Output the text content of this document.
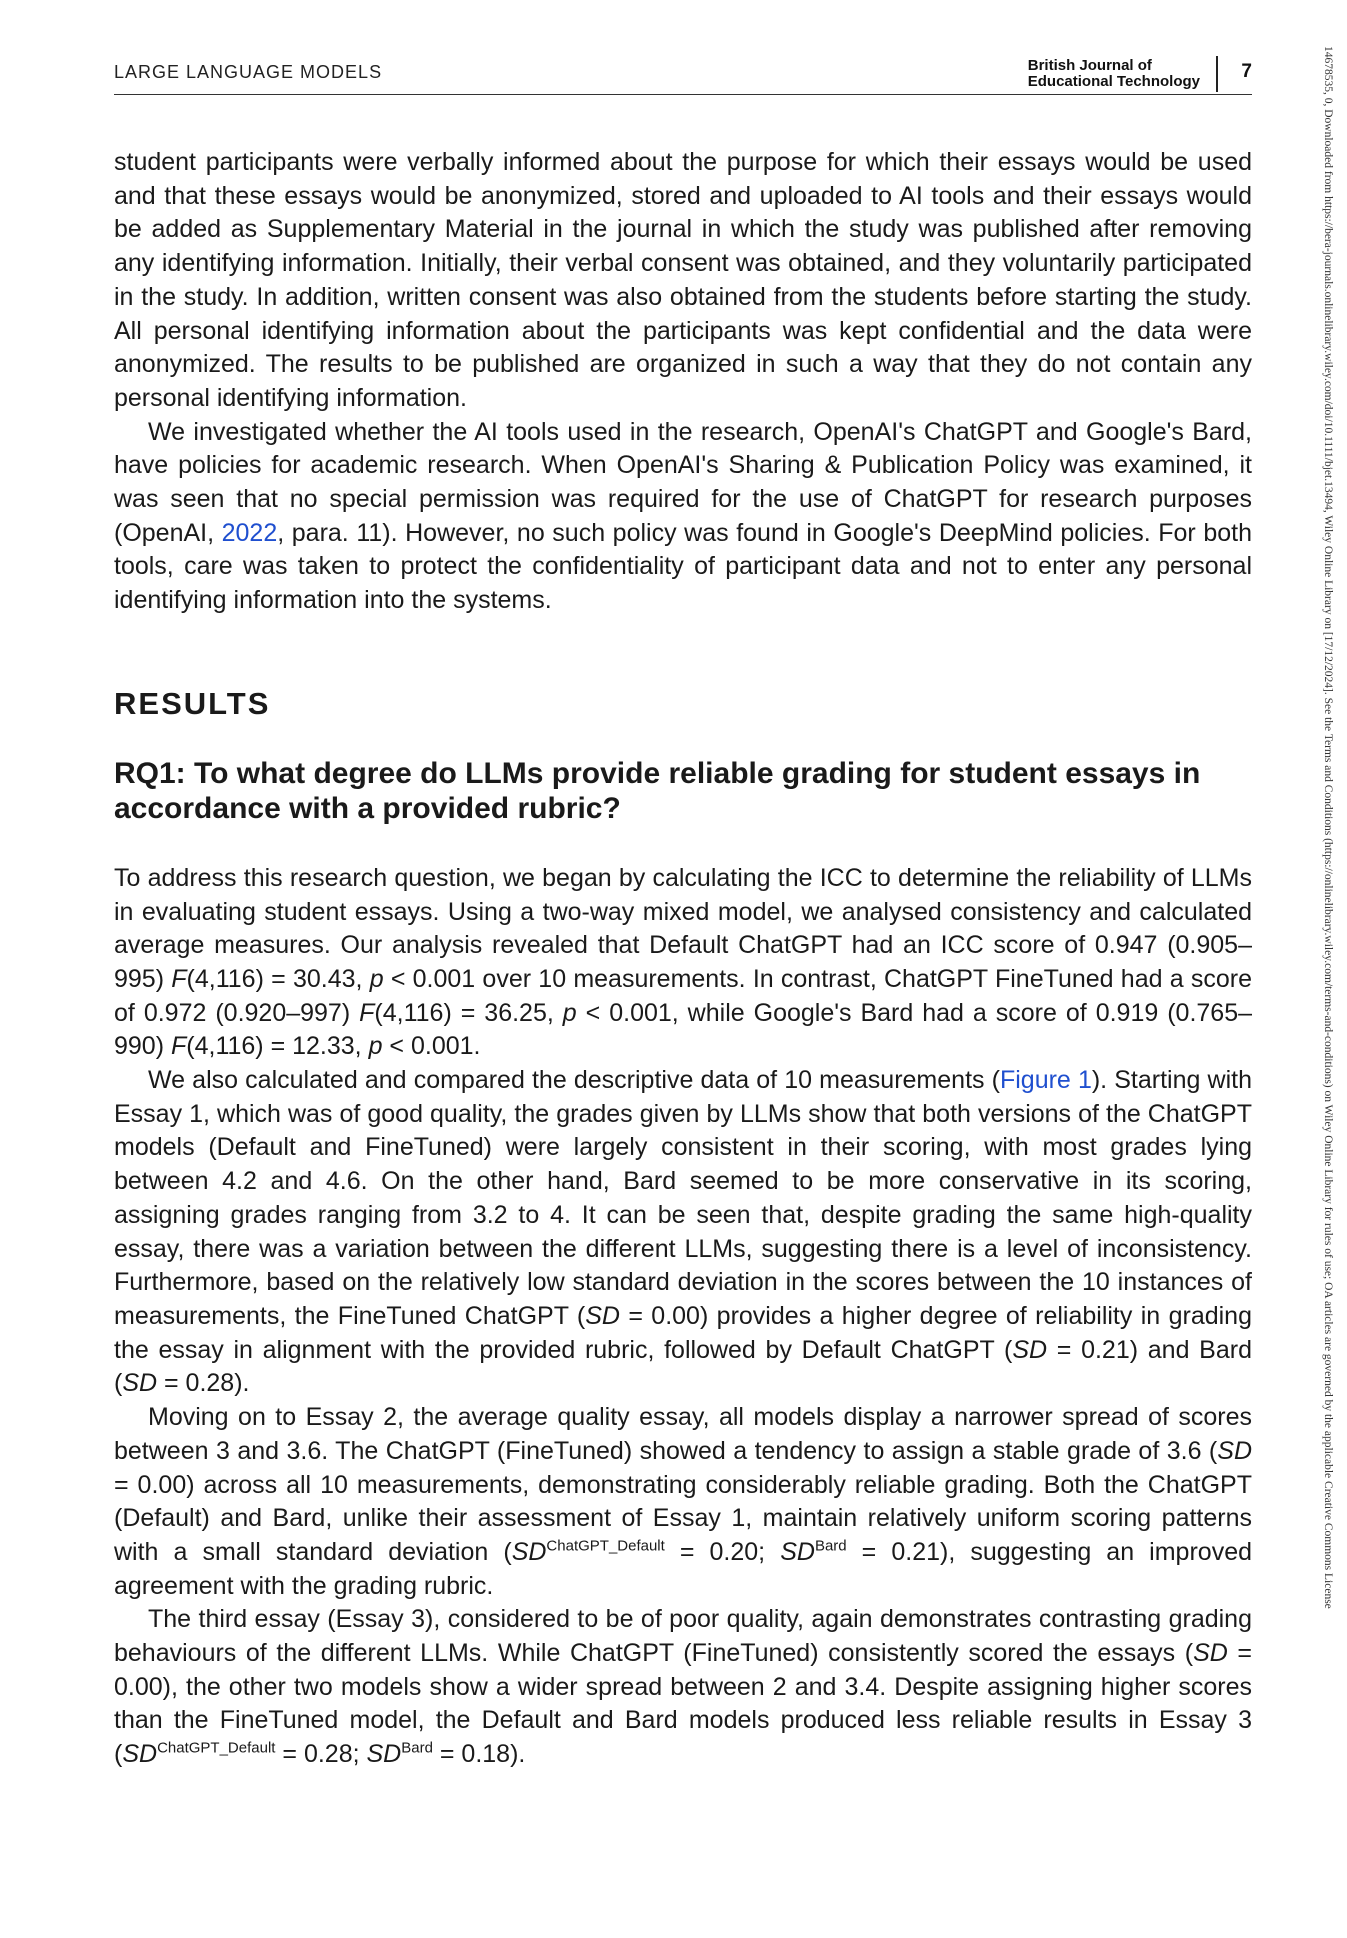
LARGE LANGUAGE MODELS	British Journal of
Educational Technology 7	14678535, 0, Downloaded from https://bera-journals.onlinelibrary.wiley.com/doi/10.1111/bjet.13494, Wiley Online Library on [17/12/2024]. See the Terms and Conditions (https://onlinelibrary.wiley.com/terms-and-conditions) on Wiley Online Library for rules of use; OA articles are governed by the applicable Creative Commons License

student participants were verbally informed about the purpose for which their essays would be used and that these essays would be anonymized, stored and uploaded to AI tools and their essays would be added as Supplementary Material in the journal in which the study was published after removing any identifying information. Initially, their verbal consent was obtained, and they voluntarily participated in the study. In addition, written consent was also obtained from the students before starting the study. All personal identifying information about the participants was kept confidential and the data were anonymized. The results to be published are organized in such a way that they do not contain any personal identifying information.

We investigated whether the AI tools used in the research, OpenAI's ChatGPT and Google's Bard, have policies for academic research. When OpenAI's Sharing & Publication Policy was examined, it was seen that no special permission was required for the use of ChatGPT for research purposes (OpenAI, 2022, para. 11). However, no such policy was found in Google's DeepMind policies. For both tools, care was taken to protect the confidentiality of participant data and not to enter any personal identifying information into the systems.

RESULTS
RQ1: To what degree do LLMs provide reliable grading for student essays in accordance with a provided rubric?

To address this research question, we began by calculating the ICC to determine the reliability of LLMs in evaluating student essays. Using a two-way mixed model, we analysed consistency and calculated average measures. Our analysis revealed that Default ChatGPT had an ICC score of 0.947 (0.905–995) F(4,116) = 30.43, p < 0.001 over 10 measurements. In contrast, ChatGPT FineTuned had a score of 0.972 (0.920–997) F(4,116) = 36.25, p < 0.001, while Google's Bard had a score of 0.919 (0.765–990) F(4,116) = 12.33, p < 0.001.

We also calculated and compared the descriptive data of 10 measurements (Figure 1). Starting with Essay 1, which was of good quality, the grades given by LLMs show that both versions of the ChatGPT models (Default and FineTuned) were largely consistent in their scoring, with most grades lying between 4.2 and 4.6. On the other hand, Bard seemed to be more conservative in its scoring, assigning grades ranging from 3.2 to 4. It can be seen that, despite grading the same high-quality essay, there was a variation between the different LLMs, suggesting there is a level of inconsistency. Furthermore, based on the relatively low standard deviation in the scores between the 10 instances of measurements, the FineTuned ChatGPT (SD = 0.00) provides a higher degree of reliability in grading the essay in alignment with the provided rubric, followed by Default ChatGPT (SD = 0.21) and Bard (SD = 0.28).

Moving on to Essay 2, the average quality essay, all models display a narrower spread of scores between 3 and 3.6. The ChatGPT (FineTuned) showed a tendency to assign a stable grade of 3.6 (SD = 0.00) across all 10 measurements, demonstrating considerably reliable grading. Both the ChatGPT (Default) and Bard, unlike their assessment of Essay 1, maintain relatively uniform scoring patterns with a small standard deviation ($SD^{ChatGPT\_Default} = 0.20$; $SD^{Bard} = 0.21$), suggesting an improved agreement with the grading rubric.

The third essay (Essay 3), considered to be of poor quality, again demonstrates contrasting grading behaviours of the different LLMs. While ChatGPT (FineTuned) consistently scored the essays (SD = 0.00), the other two models show a wider spread between 2 and 3.4. Despite assigning higher scores than the FineTuned model, the Default and Bard models produced less reliable results in Essay 3 ($SD^{ChatGPT\_Default} = 0.28$; $SD^{Bard} = 0.18$).
